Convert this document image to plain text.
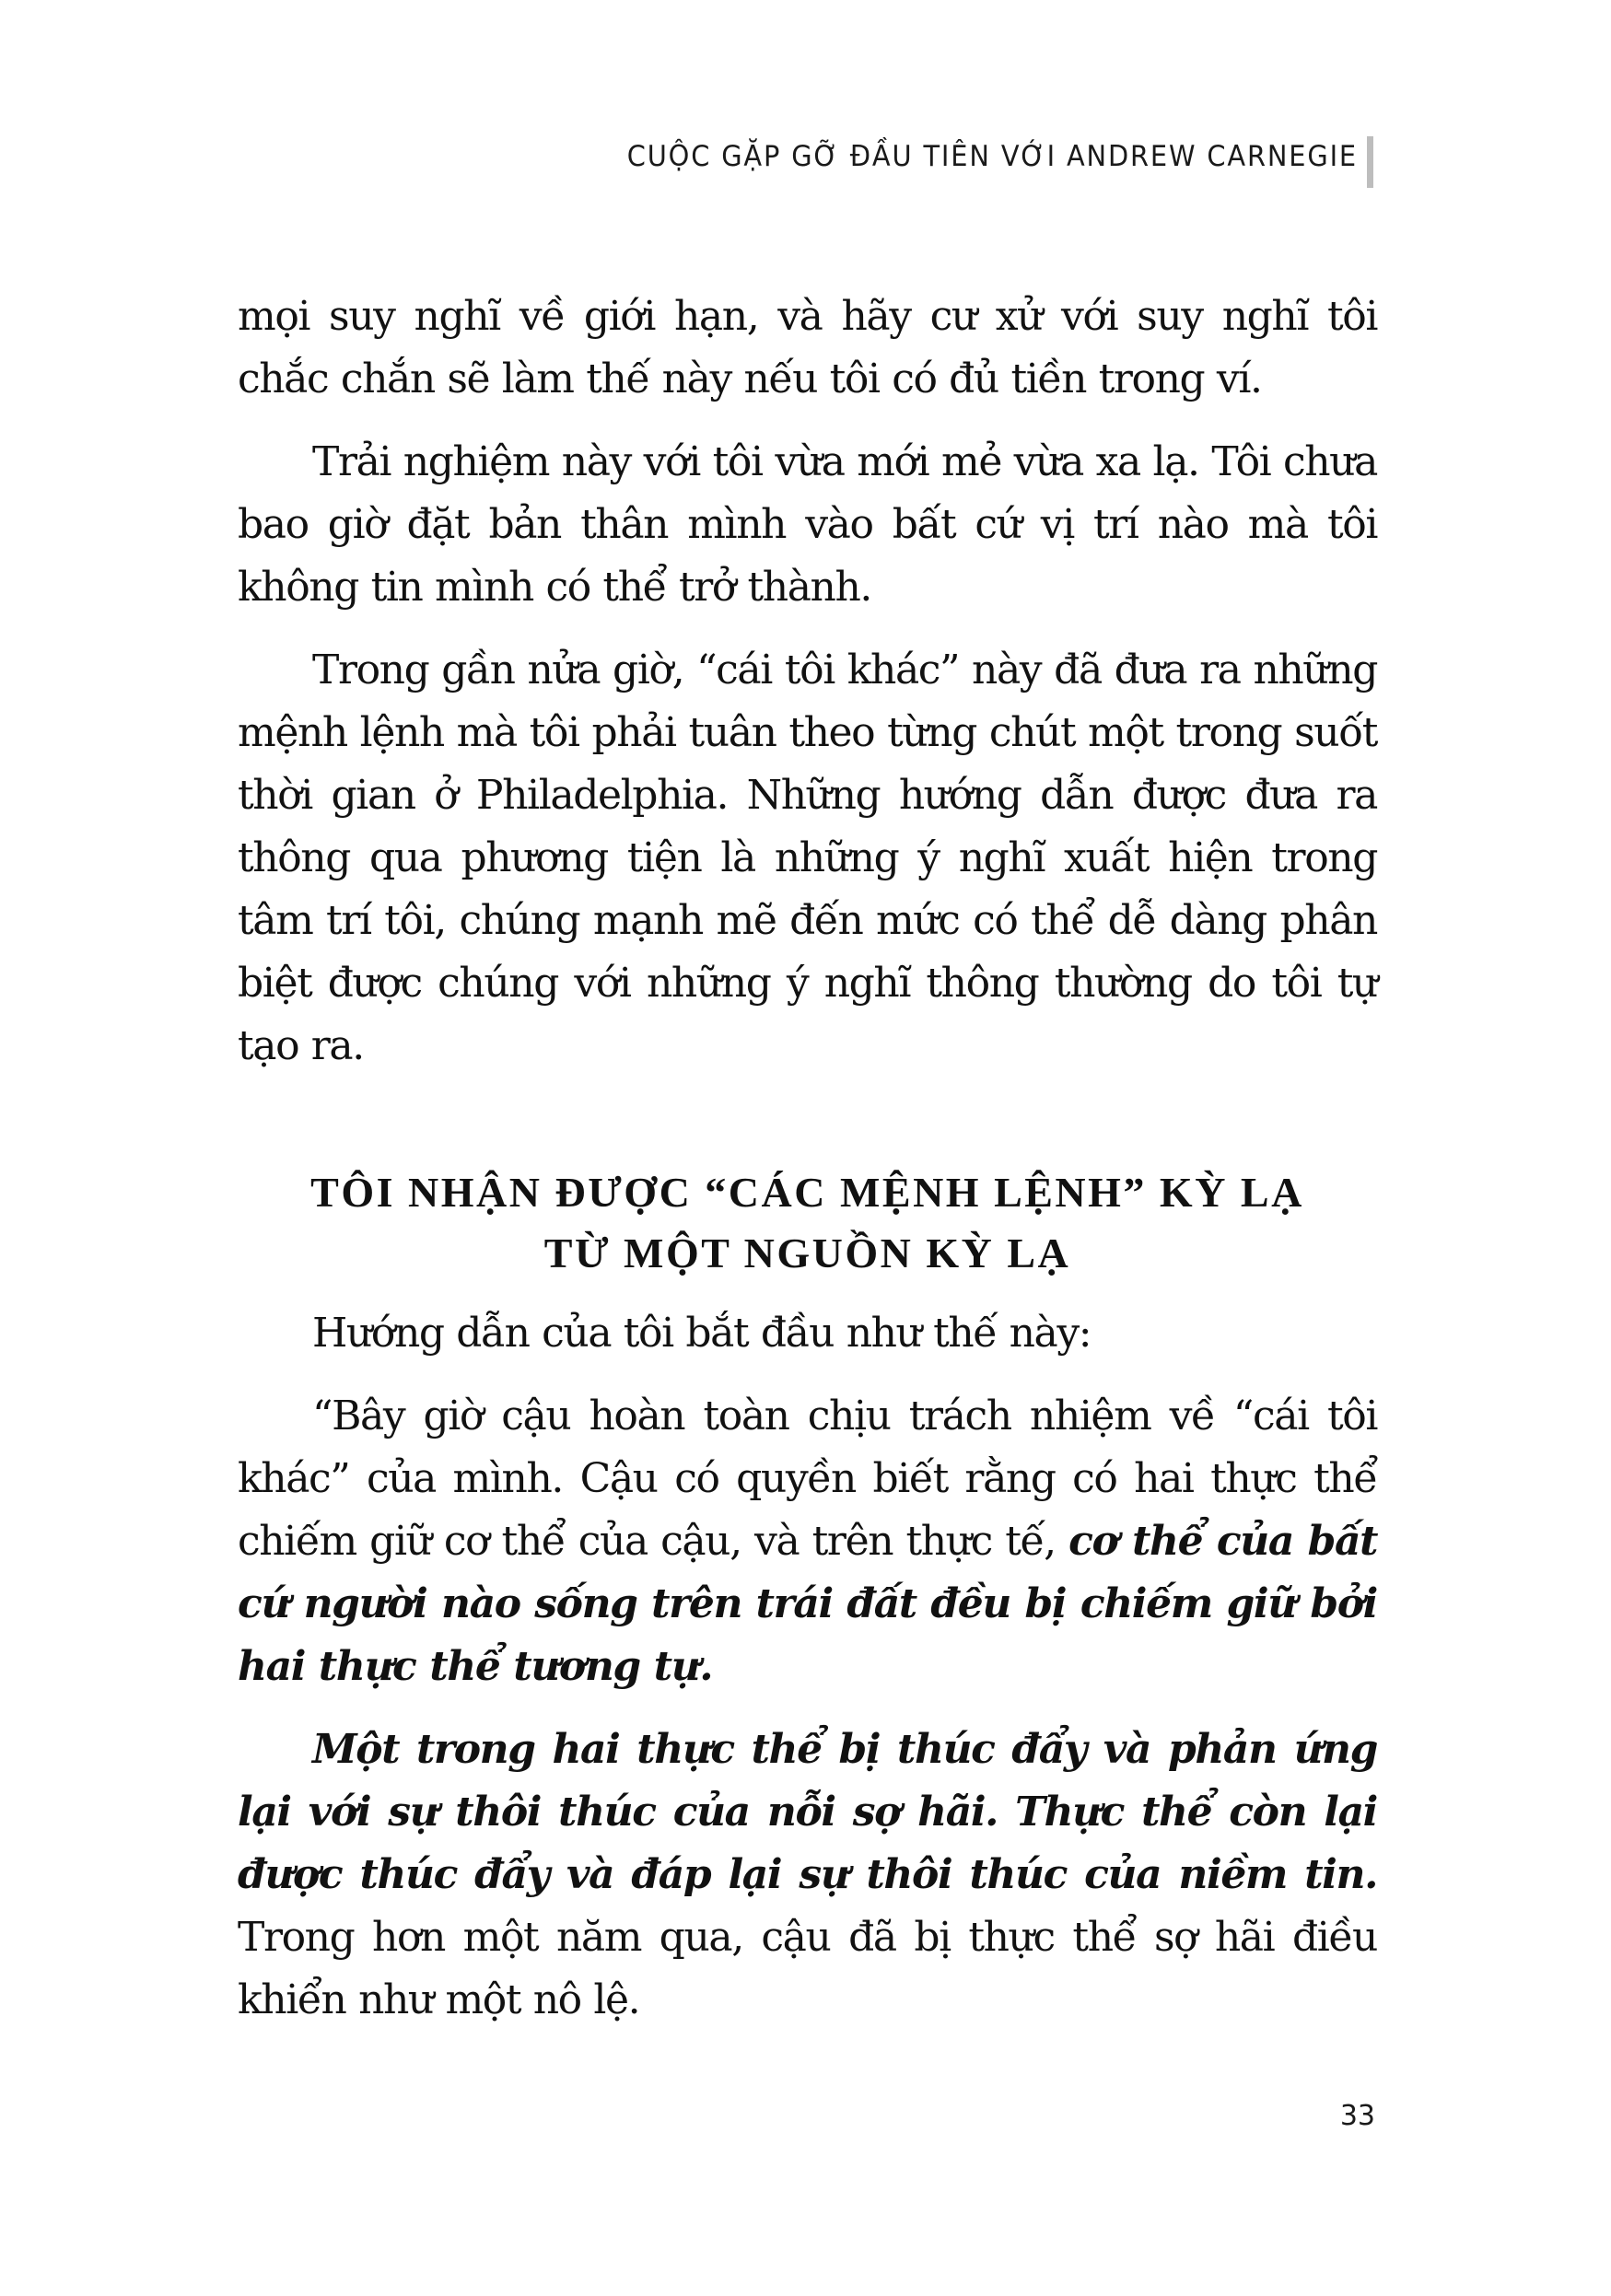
CUỘC GẶP GỠ ĐẦU TIÊN VỚI ANDREW CARNEGIE

mọi suy nghĩ về giới hạn, và hãy cư xử với suy nghĩ tôi chắc chắn sẽ làm thế này nếu tôi có đủ tiền trong ví.

Trải nghiệm này với tôi vừa mới mẻ vừa xa lạ. Tôi chưa bao giờ đặt bản thân mình vào bất cứ vị trí nào mà tôi không tin mình có thể trở thành.

Trong gần nửa giờ, “cái tôi khác” này đã đưa ra những mệnh lệnh mà tôi phải tuân theo từng chút một trong suốt thời gian ở Philadelphia. Những hướng dẫn được đưa ra thông qua phương tiện là những ý nghĩ xuất hiện trong tâm trí tôi, chúng mạnh mẽ đến mức có thể dễ dàng phân biệt được chúng với những ý nghĩ thông thường do tôi tự tạo ra.

TÔI NHẬN ĐƯỢC “CÁC MỆNH LỆNH” KỲ LẠ
TỪ MỘT NGUỒN KỲ LẠ

Hướng dẫn của tôi bắt đầu như thế này:

“Bây giờ cậu hoàn toàn chịu trách nhiệm về “cái tôi khác” của mình. Cậu có quyền biết rằng có hai thực thể chiếm giữ cơ thể của cậu, và trên thực tế, cơ thể của bất cứ người nào sống trên trái đất đều bị chiếm giữ bởi hai thực thể tương tự.

Một trong hai thực thể bị thúc đẩy và phản ứng lại với sự thôi thúc của nỗi sợ hãi. Thực thể còn lại được thúc đẩy và đáp lại sự thôi thúc của niềm tin. Trong hơn một năm qua, cậu đã bị thực thể sợ hãi điều khiển như một nô lệ.

33
